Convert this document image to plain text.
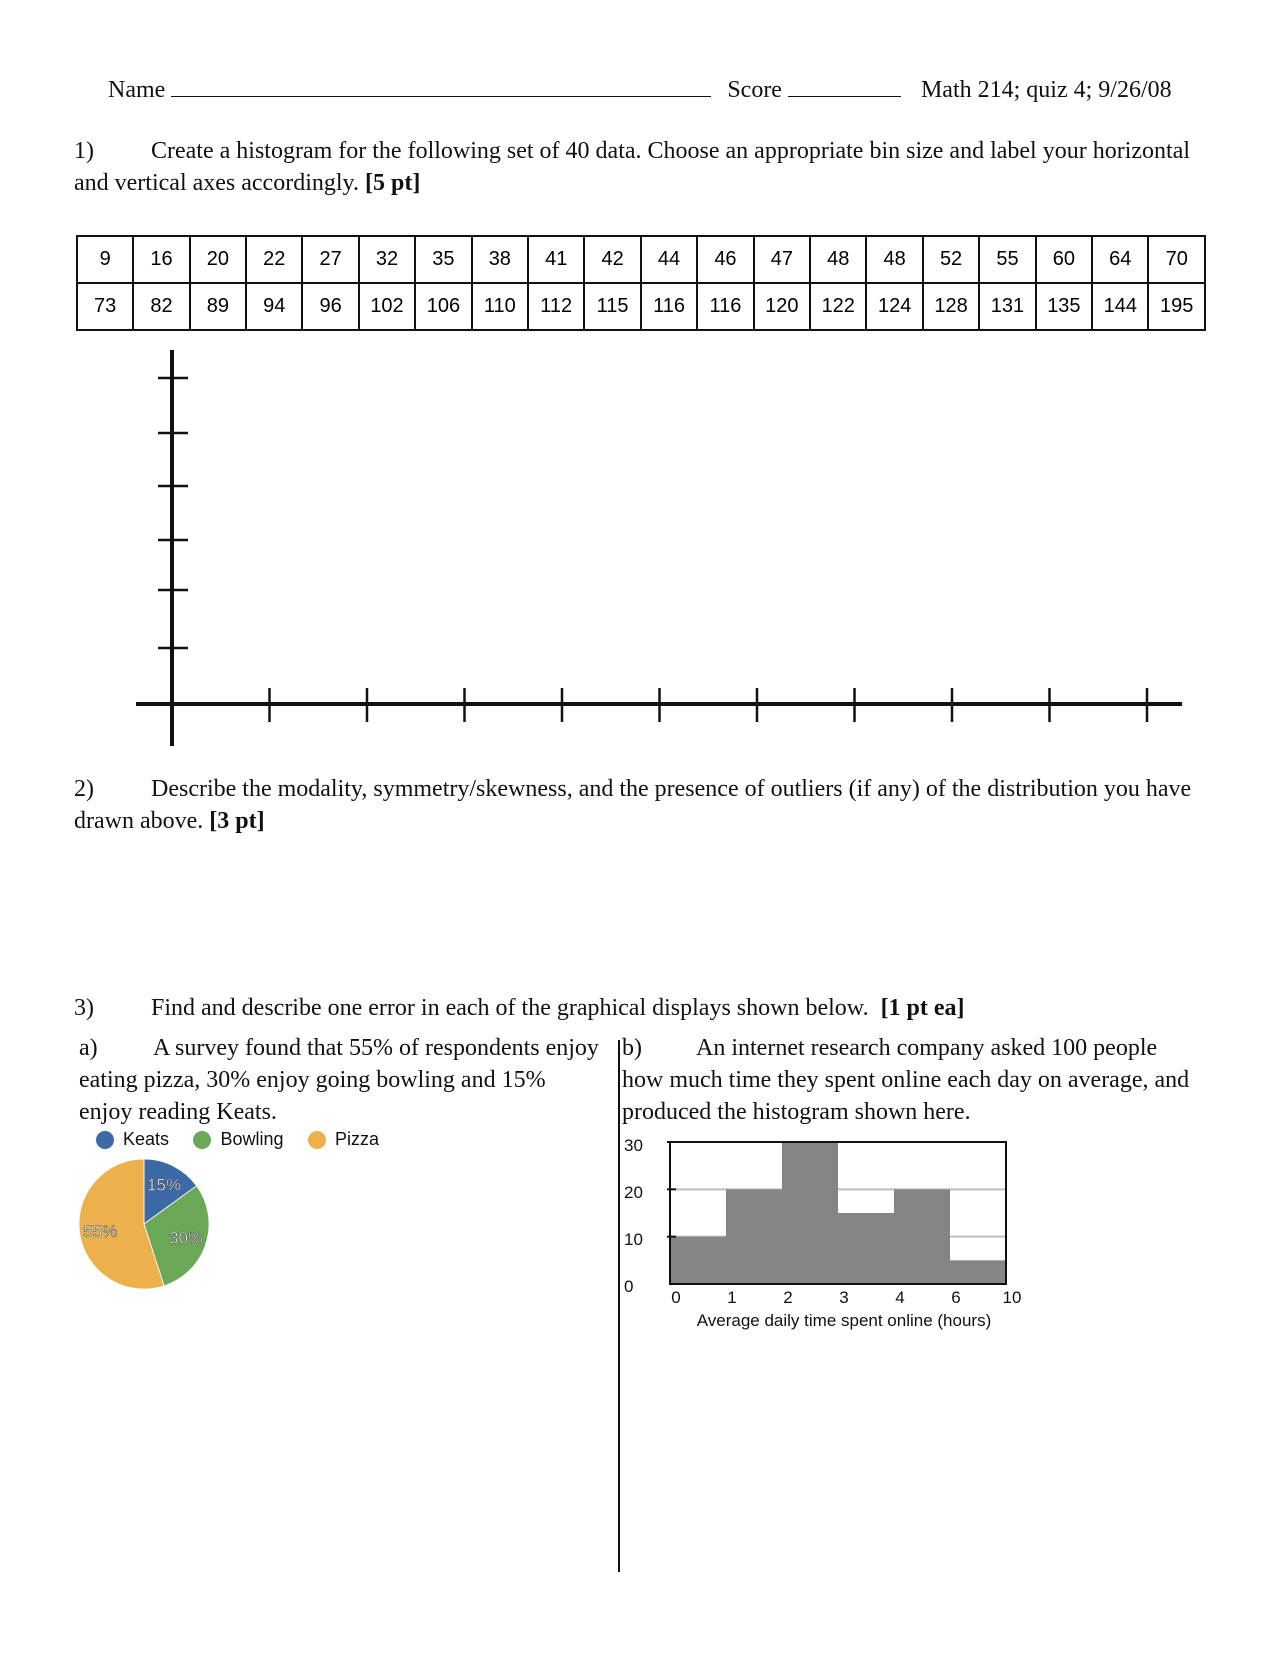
Name	Score	Math 214; quiz 4; 9/26/08
1) Create a histogram for the following set of 40 data. Choose an appropriate bin size and label your horizontal and vertical axes accordingly. [5 pt]
9	16	20	22	27	32	35	38	41	42	44	46	47	48	48	52	55	60	64	70
73	82	89	94	96	102	106	110	112	115	116	116	120	122	124	128	131	135	144	195
2) Describe the modality, symmetry/skewness, and the presence of outliers (if any) of the distribution you have drawn above. [3 pt]
3) Find and describe one error in each of the graphical displays shown below. [1 pt ea]
a) A survey found that 55% of respondents enjoy eating pizza, 30% enjoy going bowling and 15% enjoy reading Keats.
Keats
	Bowling
	Pizza
15%
30%
55%
b) An internet research company asked 100 people how much time they spent online each day on average, and produced the histogram shown here.
30
20
10
0
0	1	2	3	4	6 10
Average daily time spent online (hours)
